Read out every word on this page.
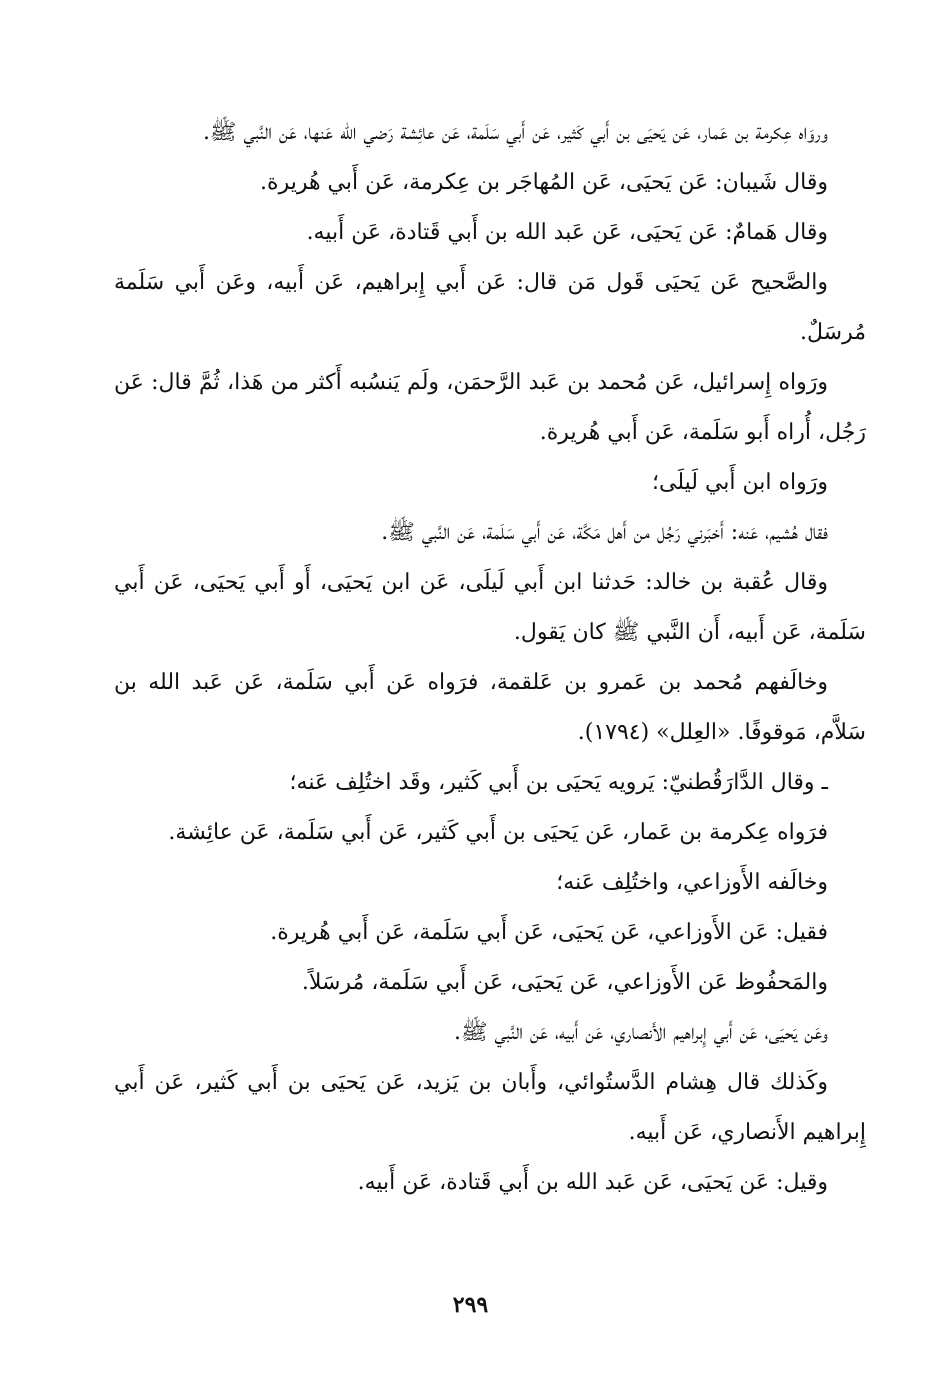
وروَاه عِكرمة بن عَمار، عَن يَحيَى بن أَبي كَثير، عَن أَبي سَلَمة، عَن عائِشة رَضي الله عَنها، عَن النَّبي ﷺ.

وقال شَيبان: عَن يَحيَى، عَن المُهاجَر بن عِكرمة، عَن أَبي هُريرة.

وقال هَمامٌ: عَن يَحيَى، عَن عَبد الله بن أَبي قَتادة، عَن أَبيه.

والصَّحيح عَن يَحيَى قَول مَن قال: عَن أَبي إِبراهيم، عَن أَبيه، وعَن أَبي سَلَمة مُرسَلٌ.

ورَواه إِسرائيل، عَن مُحمد بن عَبد الرَّحمَن، ولَم يَنسُبه أَكثر من هَذا، ثُمَّ قال: عَن رَجُل، أُراه أَبو سَلَمة، عَن أَبي هُريرة.

ورَواه ابن أَبي لَيلَى؛

فقال هُشيم، عَنه: أَخبَرني رَجُل من أَهل مَكَّة، عَن أَبي سَلَمة، عَن النَّبي ﷺ.

وقال عُقبة بن خالد: حَدثنا ابن أَبي لَيلَى، عَن ابن يَحيَى، أَو أَبي يَحيَى، عَن أَبي سَلَمة، عَن أَبيه، أَن النَّبي ﷺ كان يَقول.

وخالَفهم مُحمد بن عَمرو بن عَلقمة، فرَواه عَن أَبي سَلَمة، عَن عَبد الله بن سَلاَّم، مَوقوفًا. «العِلل» (١٧٩٤).

ـ وقال الدَّارَقُطنيّ: يَرويه يَحيَى بن أَبي كَثير، وقَد اختُلِف عَنه؛

فرَواه عِكرمة بن عَمار، عَن يَحيَى بن أَبي كَثير، عَن أَبي سَلَمة، عَن عائِشة.

وخالَفه الأَوزاعي، واختُلِف عَنه؛

فقيل: عَن الأَوزاعي، عَن يَحيَى، عَن أَبي سَلَمة، عَن أَبي هُريرة.

والمَحفُوظ عَن الأَوزاعي، عَن يَحيَى، عَن أَبي سَلَمة، مُرسَلاً.

وعَن يَحيَى، عَن أَبي إِبراهيم الأَنصاري، عَن أَبيه، عَن النَّبي ﷺ.

وكَذلك قال هِشام الدَّستُوائي، وأَبان بن يَزيد، عَن يَحيَى بن أَبي كَثير، عَن أَبي إِبراهيم الأَنصاري، عَن أَبيه.

وقيل: عَن يَحيَى، عَن عَبد الله بن أَبي قَتادة، عَن أَبيه.

٢٩٩
